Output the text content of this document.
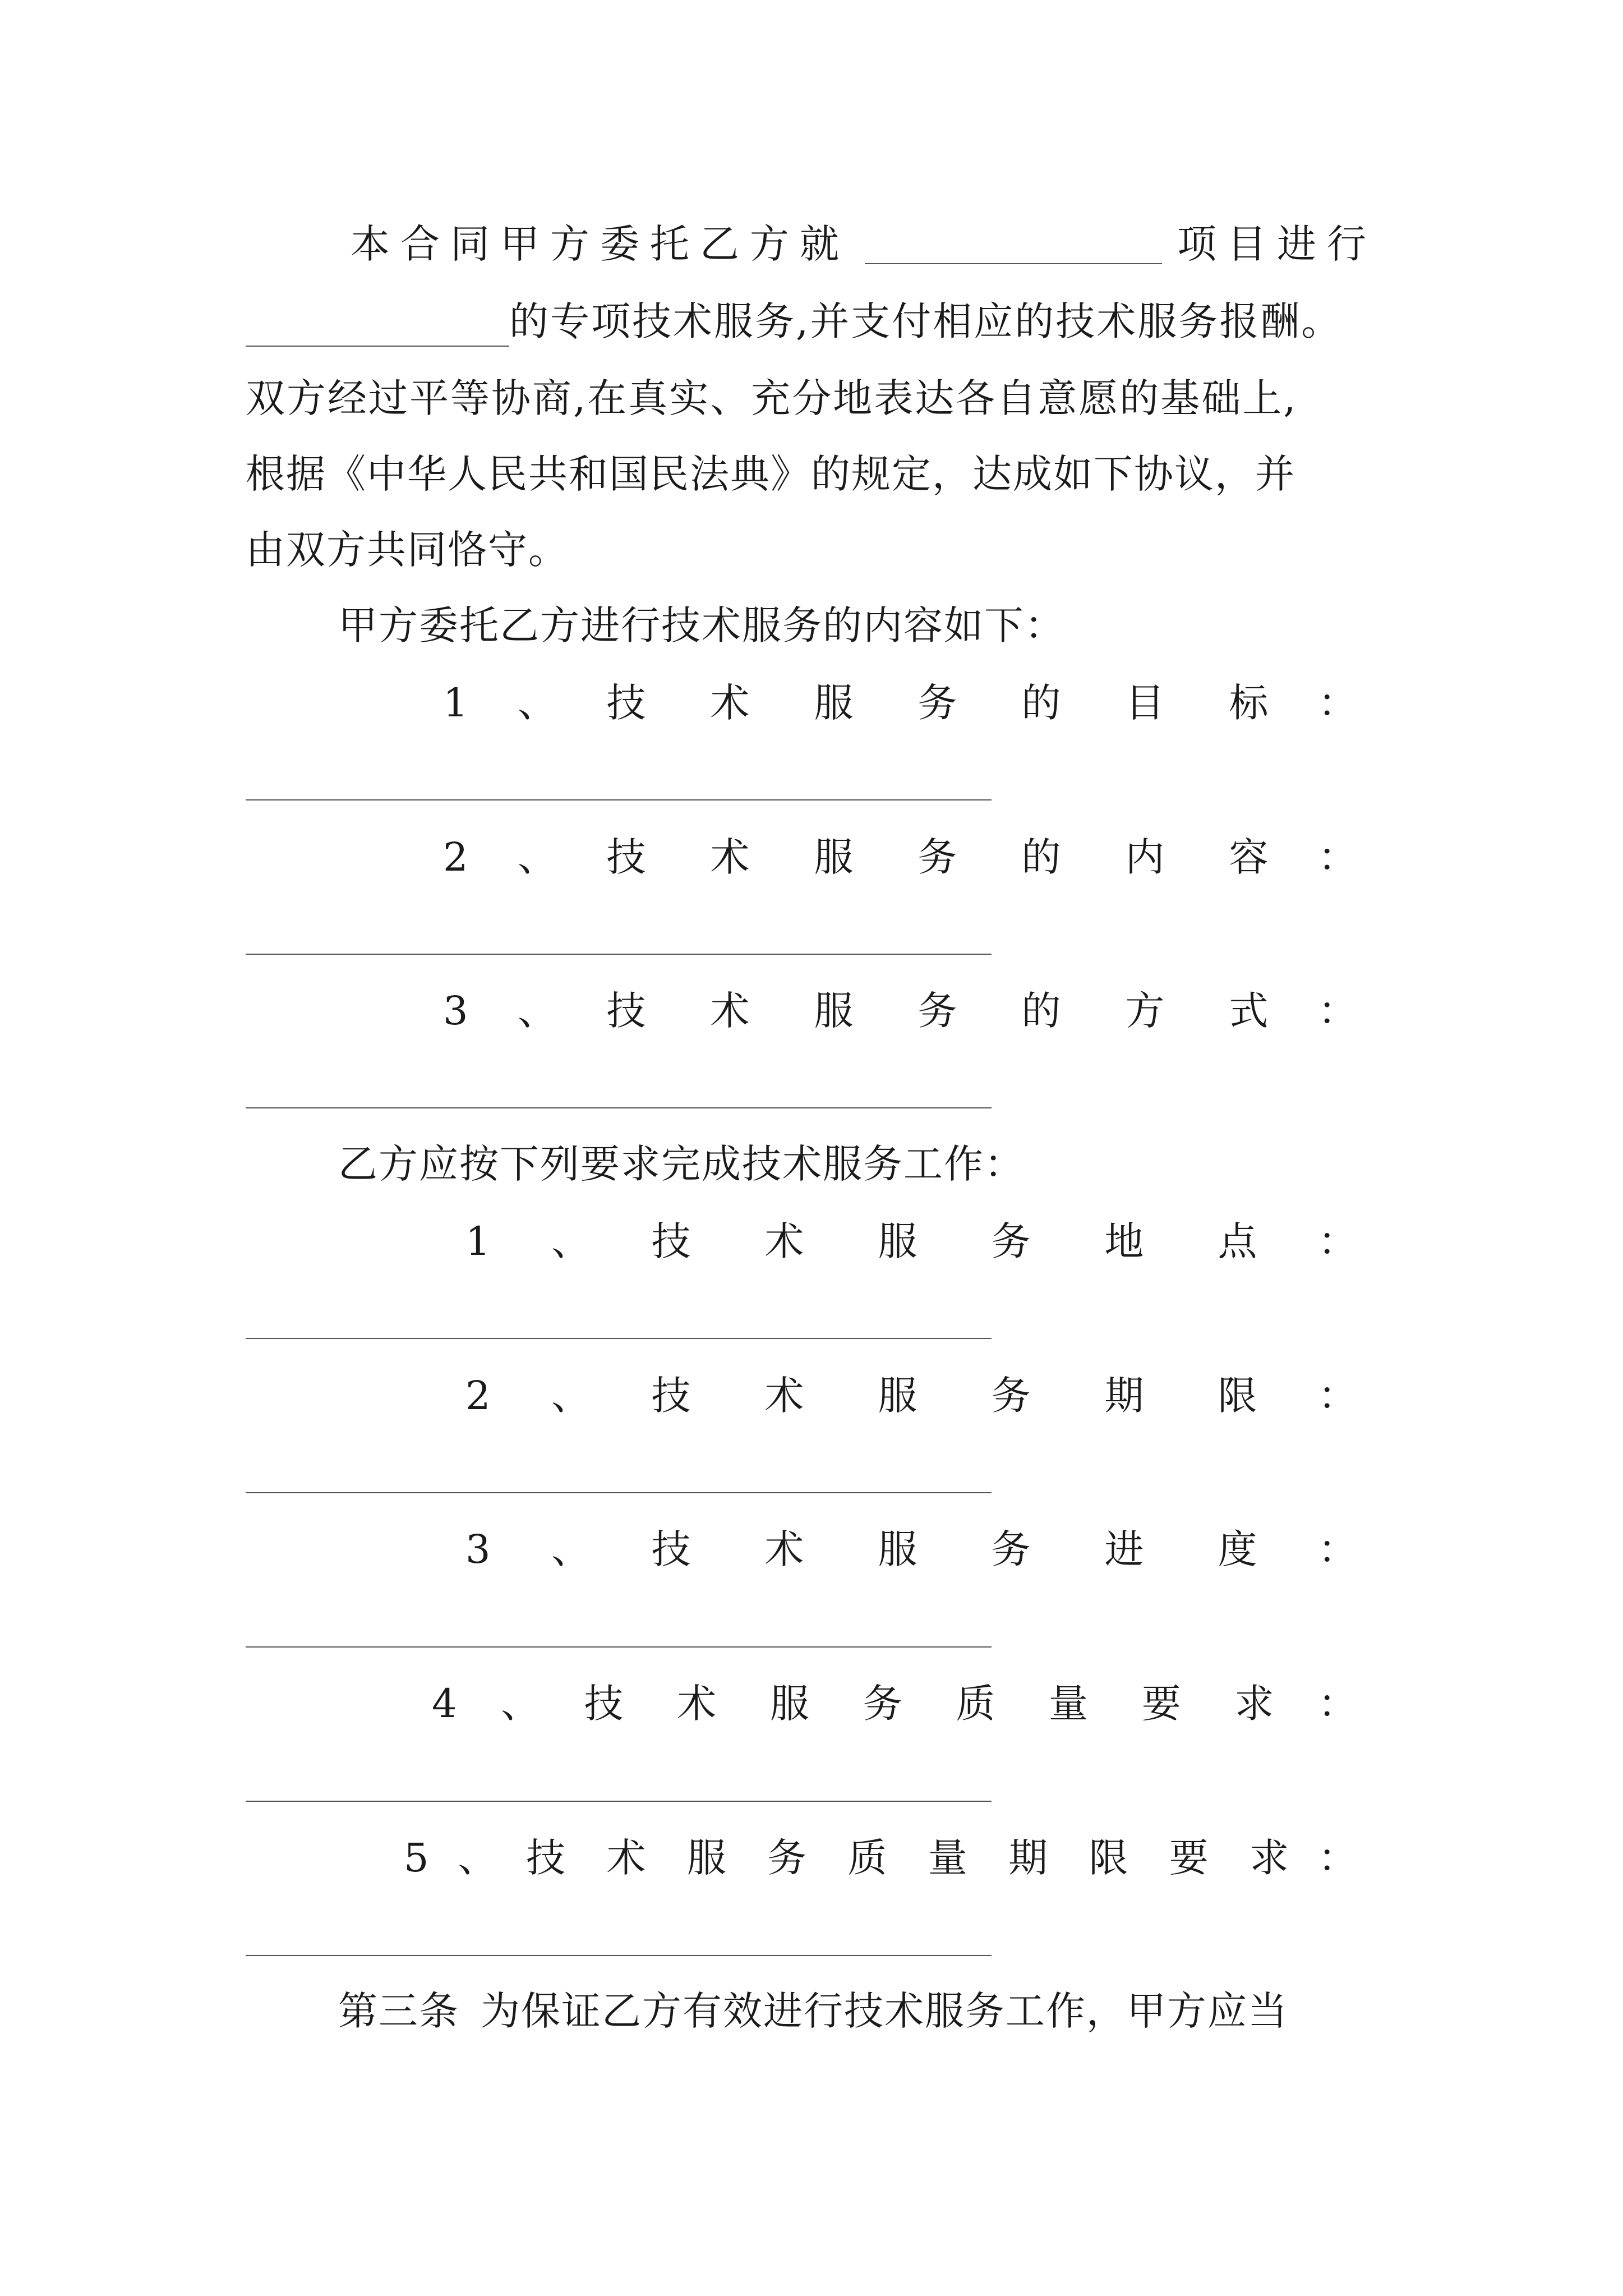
本合同甲方委托乙方就	项目进行
的专项技术服务,并支付相应的技术服务报酬。
双方经过平等协商,在真实、充分地表达各自意愿的基础上,
根据《中华人民共和国民法典》的规定，达成如下协议，并
由双方共同恪守。
甲方委托乙方进行技术服务的内容如下：
1 、 技 术 服 务 的 目 标 ：
2 、 技 术 服 务 的 内 容 ：
3 、 技 术 服 务 的 方 式 ：
乙方应按下列要求完成技术服务工作：
1 、 技 术 服 务 地 点 ：
2 、 技 术 服 务 期 限 ：
3 、 技 术 服 务 进 度 ：
4 、 技 术 服 务 质 量 要 求 ：
5 、 技 术 服 务 质 量 期 限 要 求 ：
第三条 为保证乙方有效进行技术服务工作，甲方应当
